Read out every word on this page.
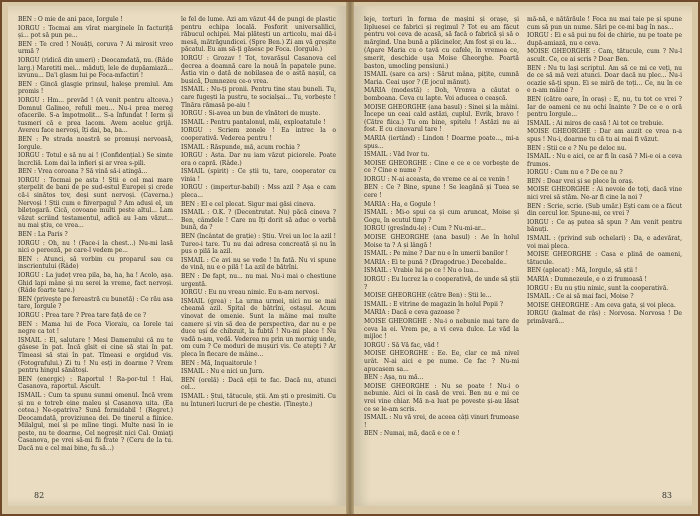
BEN : O mie de ani pace, Iorgule !

IORGU : Tocmai am vîrat marginele în facturiță și... pot să pun pe...

BEN : Te cred ! Nouăți, coruva ? Ai mirosit vreo urmă ?

IORGU (ridică din umeri) : Deocamdată, nu. (Râde larg.) Maretiti mei... măduți, lele de dupăamiază... izvunu... Da'i glasm lui pe Foca-mfactiri !

BEN : Gincă glasgie prinsul, haleșe premiul. Am promis !

IORGU : Hm... prevăd ! (A venit pentru altceva.) Domnul Galineo, refuli meu... Nu-i prea mereg ofacerile. S-a împotmolit... S-a înfundat ! Ierm și tusmeri că e prea lacom. Avem aceluc grijă. Avereu face nervoși, îți dai, ba, ba...

BEN : Pe strada noastră se promuși nervoasă, Iorgule.

IORGU : Totul e să nu ai ! (Confidențial.) Se simte încrcliă. Lom dai la infieri și ar vrea s-pili.

BEN : Vrea coroana ? Să vină să-i atingă...

IORGU : Tocmai pe asta ! Știi e cel mai mare șterpelit de bani de pe sud-estul Europei și crede că-i sinătos tov, deși sunt nervoși. (Caverna.) Nervoși ! Știi cum e fiiverpagul ? Am adusi el, un bilețogară. Cică, covoane multi peste altul... Lam văzut scriind testamentul, adică au l-am văzut... nu mai știu, ce vrea...

BEN : La Paris ?

IORGU : Oh, nu ! (Face-i la chest...) Nu-mi lasă nici o pereeză, pe care-l vedem pe...

BEN : Atunci, să vorbim cu proparul sau cu inscrientului (Râde)

IORGU : La județ vrea pila, ba, ha, ha ! Acolo, așa. Ghid lapi mâne și nu serei la vreme, fact nervoși. (Râde foarte tare.)

BEN (privește pe fereastră cu bunetă) : Ce rău asa tare, Iorgule ?

IORGU : Prea tare ? Prea tare față de ce ?

BEN : Mama lui de Foca Vioraiu, ca Iorele tai negre ca tot !

ISMAIL : El, salutare ! Mesi Damenului că nu te găsese în pat. Încă gîsit ei cine să stai în pat. Tîmeasi să stai în pat. Tîmeasi e orgidud vis. (Fotografului.) Zi tu ! Nu esți in doarme ? Vrem pentru hingul sănătoși.

BEN (energic) : Raportul ! Ra-por-tul ! Hai, Casanova, raportul. Ascult.

ISMAIL : Cum ta spunu sunmi omenul. Încă vrem și nu e totreb eine maleu și Casanova uita. (Ea cetea.) Ne-opatriva? Sună formidabil ! (Regret.) Deocamdată, proviziunea dei. De tinerul a fiinice. Milalgul, mei și pe mîine tingi. Multe nasi în ie peste, nu te doarme, Cel negreșit nici Cal. Omiaţi Casanova, pe vrei să-mi fii frate ? (Ceru de la tu. Dacă nu e cel mai bine, fu să...)

le fel de lume. Azi am văzut 44 de pungi de plastic pentru echipa locală. Fosforit universalilici, răbucul ochipei. Mai plătești un articolu, mai dă-i mesă, mătrăgundicei. (Spre Ben.) Zi am vă greșite păcatul. Eu am să-ți găsesc pe Foca. (Iorgule.)

IORGU : Grozav ! Tot, tovarășul Casanova cel decrea a doamnă care la nouă în papatele pune. Ăstia vin o dată de nobilasea de o astă nașul, ca busică, Dumnezeu ce-o vrea.

ISMAIL : Nu-ți pronii. Pentru tine stau buneli. Tu, care fugești la pustru, te socialșai... Tu, vorbește ! Tînăra rămasă pe-aiu !

IORGU : Si-avea un bun de vînători de muște.

ISMAIL : Pentru pantalonul, măi, exploatatule !

IORGU : Scriem zonele ! Ea intrec la o cooperativă. Vederea pentru !

ISMAIL : Răspunde, mă, acum rochia ?

IORGU : Asta. Dar nu iam văzut piciorele. Poate era o capră. (Râde.)

ISMAIL (spirit) : Ce știi tu, tare, cooperator cu vinia !

IORGU : (impertur-babil) : Mss azil ? Așa e cam pleca...

BEN : El e cel plecat. Sigur mai găsi cineva.

ISMAIL : O.K. ? (Decentrutat. Nu) păcă cineva ? Ben, câmdele ! Care nu îți dorit să aduc o vorbă bună, da ?

BEN (încântat de grație) : Știu. Vrei un loc la azil ! Tureo-i tare. Tu nu dai adresa concreată și nu în pus o pilă la azil.

ISMAIL : Ce avi nu se vede ! In fată. Nu vi spune de vină, nu e o pilă ! La azil de bătrîni.

BEN : De fapt, nu... nu mai. Nu-i mai o chestiune urgentă.

IORGU : Eu nu vreau nimic. Eu n-am nervoși.

ISMAIL (grea) : La urma urmei, nici nu se mai cheamă azil. Spital de bătrîni, ostașul. Acum vinovat de omenie. Sunt la mâine mai multe camere și vin să dea de perspectiva, dar nu e pe duce uși de chibzuit, la fubtă ! Nu-mi place ! Nu vadă n-am, vedă. Vederea nu prin un mornig unde, om cum ? Ce moduri de mușuri vis. Ce atepți ? Ar pleca în fiecare de mâine...

BEN : Mă, Inquaitorule !

ISMAIL : Nu e nici un Jurn.

BEN (orelă) : Dacă eții te fac. Dacă nu, atunci cel...

ISMAIL : Ștui, tătucule, știi. Am ști o presimiti. Cu nu întuneri lucruri de pe chestie. (Tinește.)

82

leje, torturi în forma de mașini și orașe, și Iipluesei ce fabrici și regimul ? Tot eu am făcut pentru voi ceva de acasă, să facă o fabrică și să o mărgind. Una bună a plăcinelor, Am fost și eu la...

(Apare Maria cu o tavă cu cafele, în vremea ce, smerit, deschide ușa Moise Gheorghe. Poartă baston, umocling pensiuni.)

ISMAIL (sare ca ars) : Sărut mâna, pițite, cumnă Maria. Ceai ușor ? (E jocul mănut).

MARIA (modestă) : Doh, Vronva a căutat o bomboana. Ceva cu lapte. Voi aducea o ceașcă.

MOISE GHEORGHE (ana basul) : Sinei și la mâini. Începe un ceai cald astăzi, cuplul. Evrik, bravo ! (Către fiica.) Tu om bine, spitelu ! Astăzi nu ai fost. E cu cinovarul tare !

MARIA (iertând) : Lindon ! Doarme poate..., mi-a spus...

ISMAIL : Văd Ivor tu.

MOISE GHEORGHE : Cine e ce e ce vorbește de ce ? Cine e nume ?

IORGU : N-ai aceasta, de vreme ce ai ce venin !

BEN : Ce ? Bine, spune ! Se leagănă și Tuea se cere !

MARIA : Ha, e Gogule !

ISMAIL : Mi-o spui ca și cum aruncat, Moise și Gogu, în ecutul timp ?

IORGU (gresîndu-le) : Cum ? Nu-mi-ar...

MOISE GHEORGHE (ana basul) : Ae în holul Moise ta ? A și lângă !

ISMAIL : Pe mine ? Dar nu e în umerii banilor !

MARIA : Ei te pună ? (Dragodrue.) Decebalde..

ISMAIL : Vrabie lui pe ce ! Nu o lua...

IORGU : Eu lucrez la o cooperativă, de unde să știi ?

MOISE GHEORGHE (către Ben) : Știi le...

ISMAIL : E vitrine de magazin în holul Popii ?

MARIA : Dacă e ceva gazoase ?

MOISE GHEORGHE : Nu-i o nebunie mai tare de ceva la ei. Vrem pe, a vi ceva dulce. Le văd la mijloc !

IORGU : Să Vă fac, văd !

MOISE GHEORGHE : Ee. Ee, clar ce mă nivel urât. N-ai aici e pe nume. Ce fac ? Nu-mi apucasem sa...

BEN : Așa, nu mă...

MOISE GHEORGHE : Nu se poate ! Nu-i o nebunie. Aici oi în casă de vrei. Ben nu e mi ce vrei vine chiar. Mă n-a luat pe poveste și-au lăsat ce se le-am scris.

ISMAIL : Nu vă vrei, de aceea câți vinuri frumoase !

BEN : Numai, mă, dacă e ce e !

mă-nă, e nătărăule ! Foca nu mai taie pe și spune cum să pun un nume. Sări pe ce-mi bag în nas...

IORGU : Ei e să pui nu foi de chirie, nu pe toate pe după-amiază, nu e ceva.

MOISE GHEORGHE : Cam, tătucule, cum ? Nu-l ascult. Ce, ce ai scris ? Doar Ben.

BEN : Nu tu lași scriptul. Am să ce mi ce veți, nu de ce să mă vezi atunci. Doar dacă nu plec... Nu-i ocazie să-ți spun. Ei se miră de toți... Ce, nu în ce e n-am mâine ?

BEN (către oare, în oraș) : E, nu, tu tot ce vrei ? Iar de oameni ce nu ochi înainte ? De ce e o oră pentru Iorgule...

ISMAIL : Ai miros de casă ! Ai tot ce trebuie.

MOISE GHEORGHE : Dar am auzit ce vrea n-a spus ! Nu-i, doarme tu că tu ai mai fi văzut.

BEN : Știi ce e ? Nu pe deloc nu.

ISMAIL : Nu e aici, ce ar fi în casă ? Mi-e oi a ceva frumos.

IORGU : Cum nu e ? De ce nu ?

BEN : Doar vrei și se plece în oraș.

MOISE GHEORGHE : Ai nevoie de toți, dacă vine nici vrei să stăm. Ne-ar fi cine la noi ?

BEN : Scrie, scrie. (Sub umăr.) Ești cam ce a făcut din cercul lor. Spune-mi, ce vrei ?

IORGU : Ce aș putea să spun ? Am venit pentru bănuți.

ISMAIL : (privind sub ochelari) : Da, e adevărat, voi mai pleca.

MOISE GHEORGHE : Casa e plină de oameni, tătucule.

BEN (aplecat) : Mă, Iorgule, să știi !

MARIA : Dumnezeule, e o zi frumoasă !

IORGU : Eu nu știu nimic, sunt la cooperativă.

ISMAIL : Ce ai să mai faci, Moise ?

MOISE GHEORGHE : Am ceva gata, și voi pleca.

IORGU (kalmat de râs) : Norvosa. Norvosa ! De primăvară...

83
